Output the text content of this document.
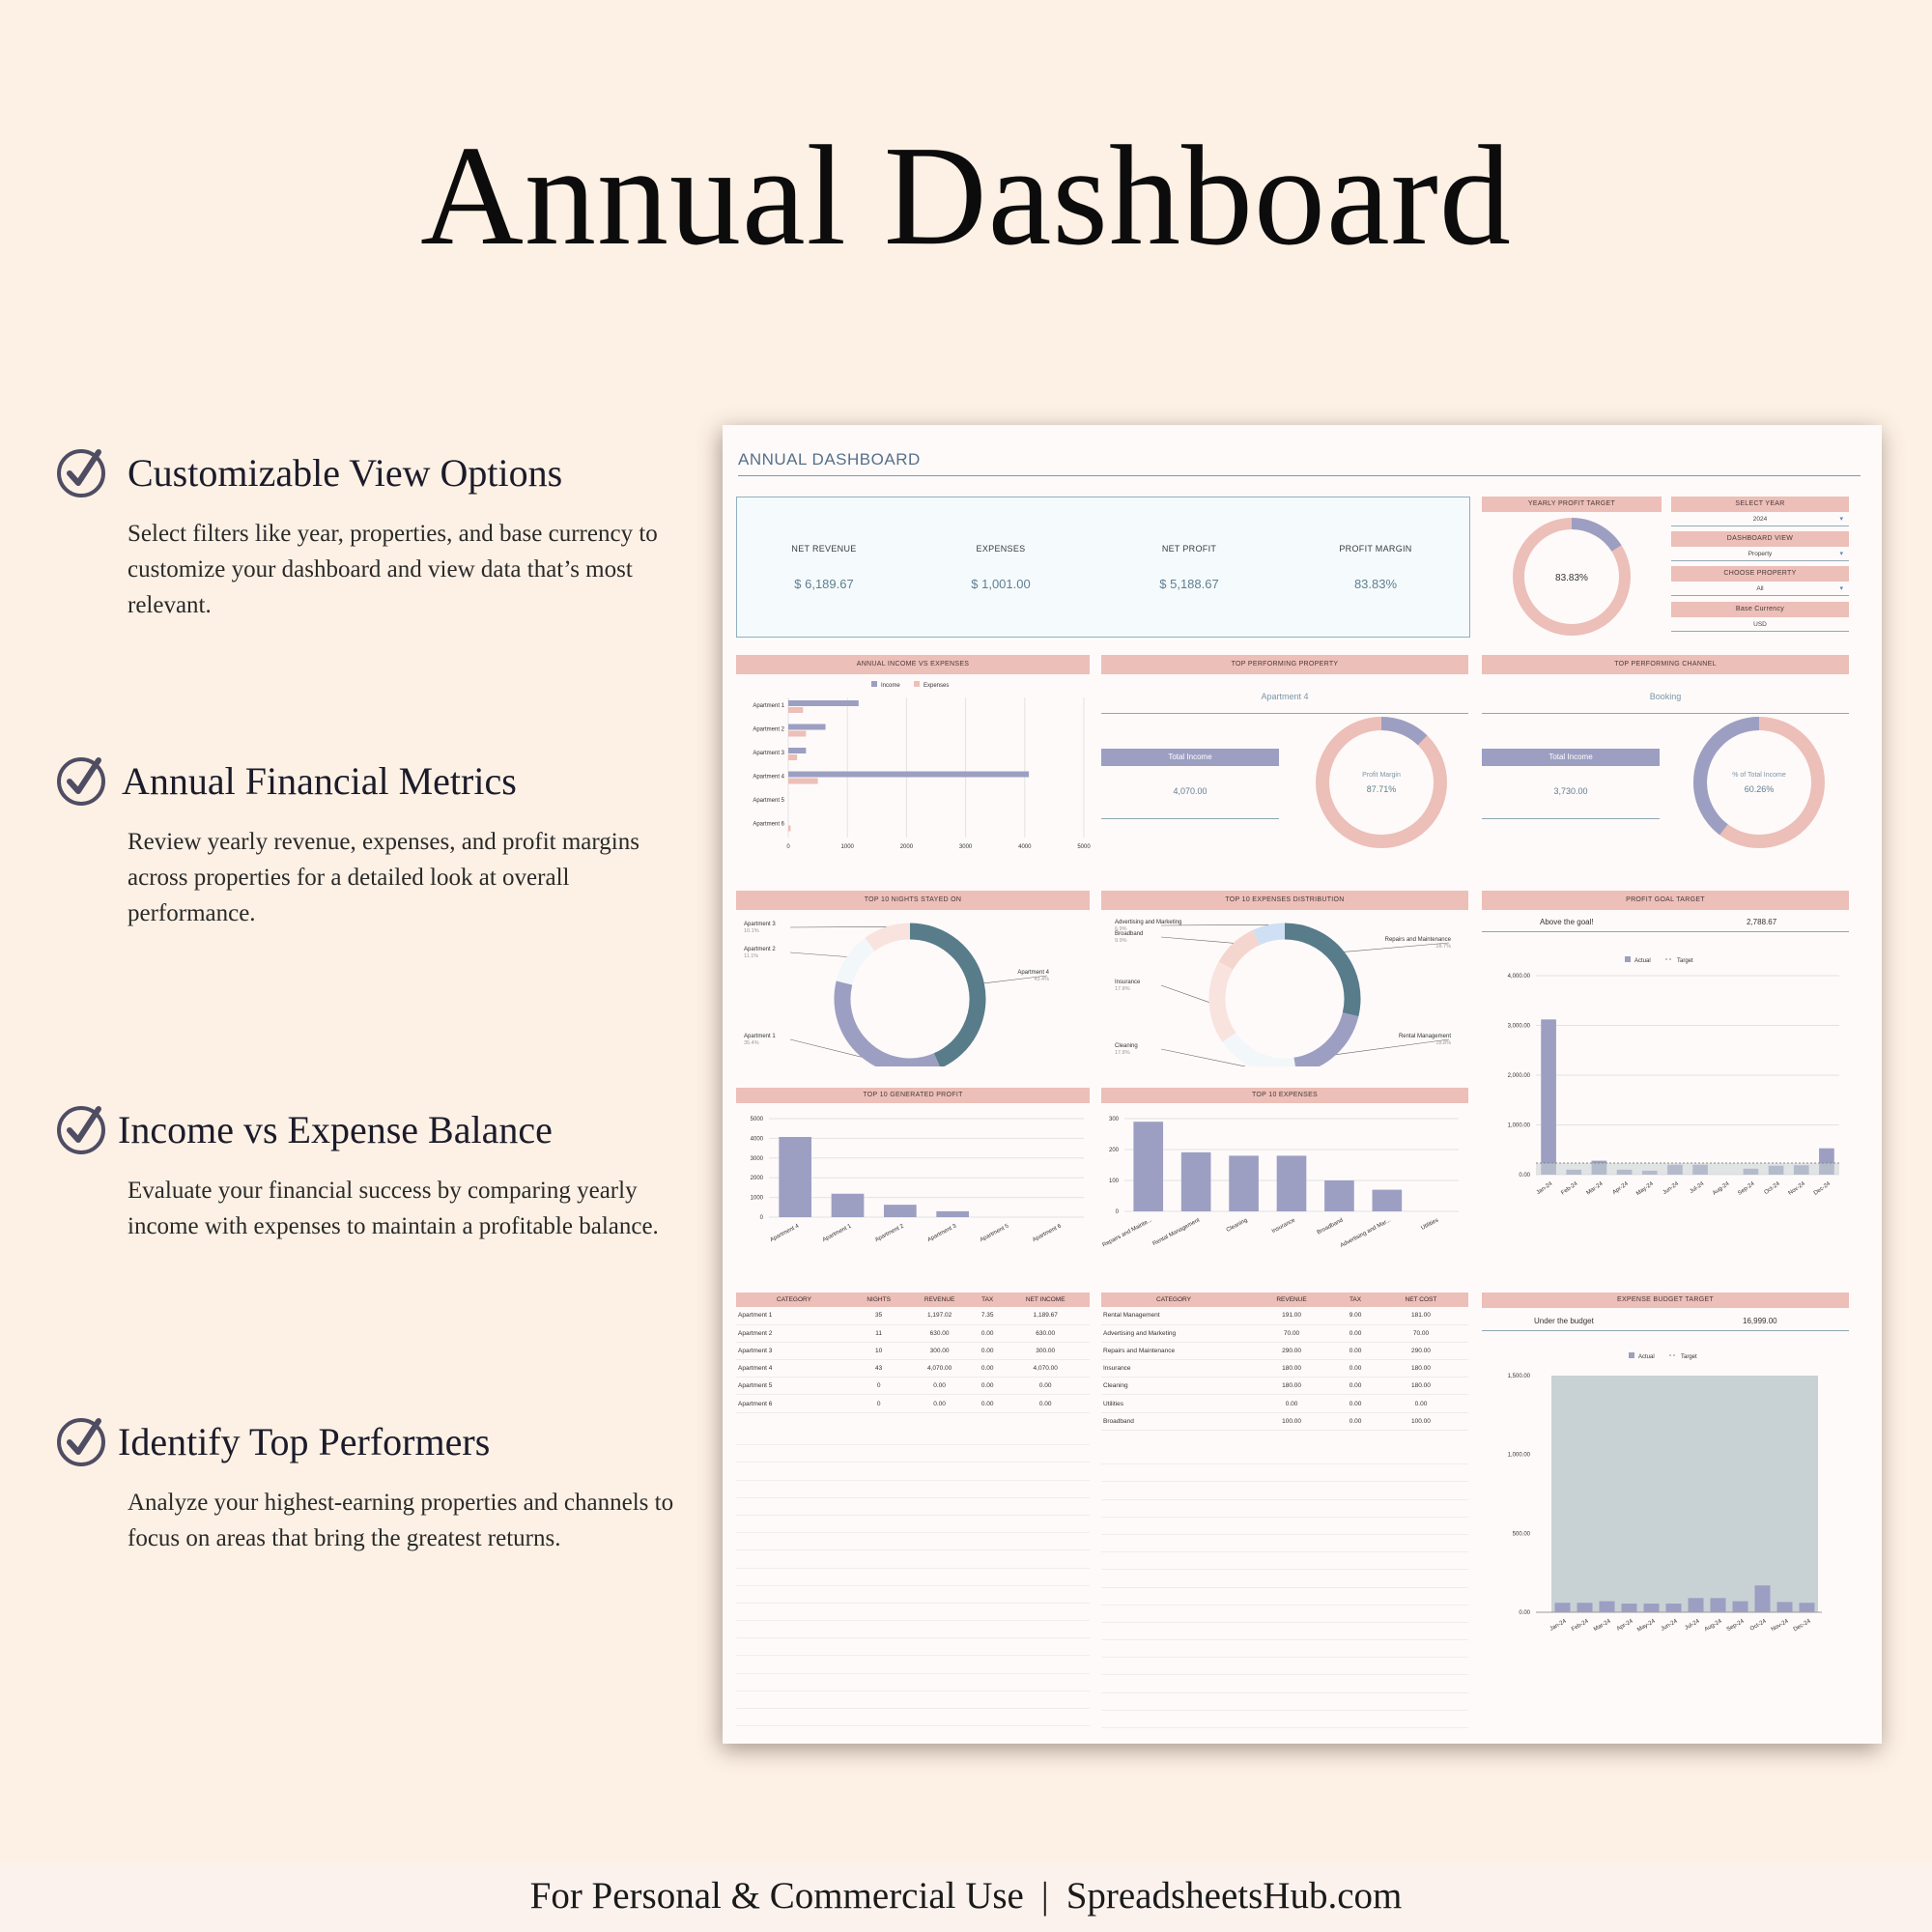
Annual Dashboard
Customizable View Options

Select filters like year, properties, and base currency to customize your dashboard and view data that’s most relevant.

Annual Financial Metrics

Review yearly revenue, expenses, and profit margins across properties for a detailed look at overall performance.

Income vs Expense Balance

Evaluate your financial success by comparing yearly income with expenses to maintain a profitable balance.

Identify Top Performers

Analyze your highest-earning properties and channels to focus on areas that bring the greatest returns.

ANNUAL DASHBOARD
NET REVENUE
$ 6,189.67
EXPENSES
$ 1,001.00
NET PROFIT
$ 5,188.67
PROFIT MARGIN
83.83%
YEARLY PROFIT TARGET
83.83%
SELECT YEAR
2024	▾
DASHBOARD VIEW
Property	▾
CHOOSE PROPERTY
All	▾
Base Currency
USD
ANNUAL INCOME VS EXPENSES	TOP PERFORMING PROPERTY	TOP PERFORMING CHANNEL
Income	Expenses
0	1000	2000	3000	4000	5000
Apartment 1
Apartment 2
Apartment 3
Apartment 4
Apartment 5
Apartment 6
Apartment 4
Total Income
4,070.00
Profit Margin
87.71%
Booking
Total Income
3,730.00
% of Total Income
60.26%
TOP 10 NIGHTS STAYED ON	TOP 10 EXPENSES DISTRIBUTION	PROFIT GOAL TARGET
Apartment 4
43.4%
Apartment 1
35.4%
Apartment 2
11.1%
Apartment 3
10.1%
Repairs and Maintenance
28.7%
Rental Management
18.8%
Cleaning
17.8%
Insurance
17.8%
Broadband
9.9%
Advertising and Marketing
6.9%
Above the goal!	2,788.67
Actual	Target
0.00
1,000.00
2,000.00
3,000.00
4,000.00
Jan-24 Feb-24 Mar-24 Apr-24 May-24 Jun-24 Jul-24 Aug-24 Sep-24 Oct-24 Nov-24 Dec-24
TOP 10 GENERATED PROFIT	TOP 10 EXPENSES
0
1000
2000
3000
4000
5000
Apartment 4	Apartment 1	Apartment 2	Apartment 3	Apartment 5	Apartment 6
0
100
200
300
Repairs and Mainte...
Rental Management	Cleaning	Insurance	Broadband
Advertising and Mar...	Utilities
CATEGORY	NIGHTS	REVENUE	TAX	NET INCOME
Apartment 1	35	1,197.02	7.35	1,189.67
Apartment 2	11	630.00	0.00	630.00
Apartment 3	10	300.00	0.00	300.00
Apartment 4	43	4,070.00	0.00	4,070.00
Apartment 5	0	0.00	0.00	0.00
Apartment 6	0	0.00	0.00	0.00
CATEGORY	REVENUE	TAX	NET COST
Rental Management	191.00	9.00	181.00
Advertising and Marketing	70.00	0.00	70.00
Repairs and Maintenance	290.00	0.00	290.00
Insurance	180.00	0.00	180.00
Cleaning	180.00	0.00	180.00
Utilities	0.00	0.00	0.00
Broadband	100.00	0.00	100.00
EXPENSE BUDGET TARGET
Under the budget	16,999.00
Actual	Target
0.00
500.00
1,000.00
1,500.00
Jan-24 Feb-24 Mar-24 Apr-24 May-24 Jun-24 Jul-24 Aug-24 Sep-24 Oct-24 Nov-24 Dec-24
For Personal & Commercial Use | SpreadsheetsHub.com
